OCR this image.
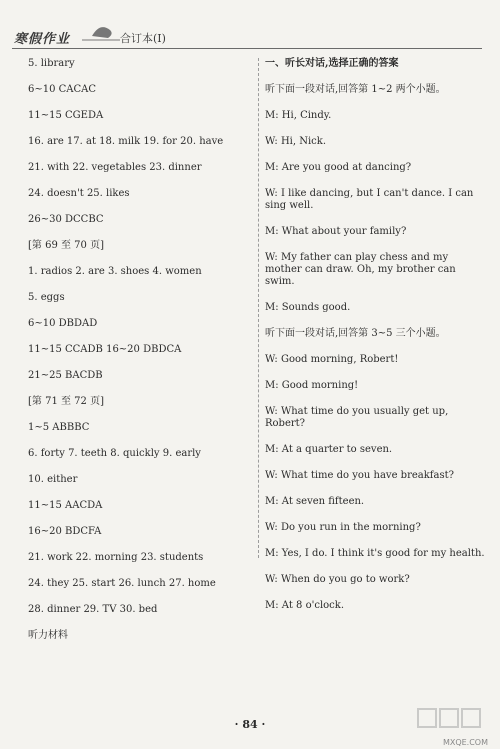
寒假作业	合订本(Ⅰ)
5. library
6~10 CACAC
11~15 CGEDA
16. are 17. at 18. milk 19. for 20. have
21. with 22. vegetables 23. dinner
24. doesn't 25. likes
26~30 DCCBC
[第 69 至 70 页]
1. radios 2. are 3. shoes 4. women
5. eggs
6~10 DBDAD
11~15 CCADB 16~20 DBDCA
21~25 BACDB
[第 71 至 72 页]
1~5 ABBBC
6. forty 7. teeth 8. quickly 9. early
10. either
11~15 AACDA
16~20 BDCFA
21. work 22. morning 23. students
24. they 25. start 26. lunch 27. home
28. dinner 29. TV 30. bed
听力材料
一、听长对话,选择正确的答案
听下面一段对话,回答第 1~2 两个小题。
M: Hi, Cindy.
W: Hi, Nick.
M: Are you good at dancing?
W: I like dancing, but I can't dance. I can sing well.
M: What about your family?
W: My father can play chess and my mother can draw. Oh, my brother can swim.
M: Sounds good.
听下面一段对话,回答第 3~5 三个小题。
W: Good morning, Robert!
M: Good morning!
W: What time do you usually get up, Robert?
M: At a quarter to seven.
W: What time do you have breakfast?
M: At seven fifteen.
W: Do you run in the morning?
M: Yes, I do. I think it's good for my health.
W: When do you go to work?
M: At 8 o'clock.
· 84 ·
MXQE.COM
